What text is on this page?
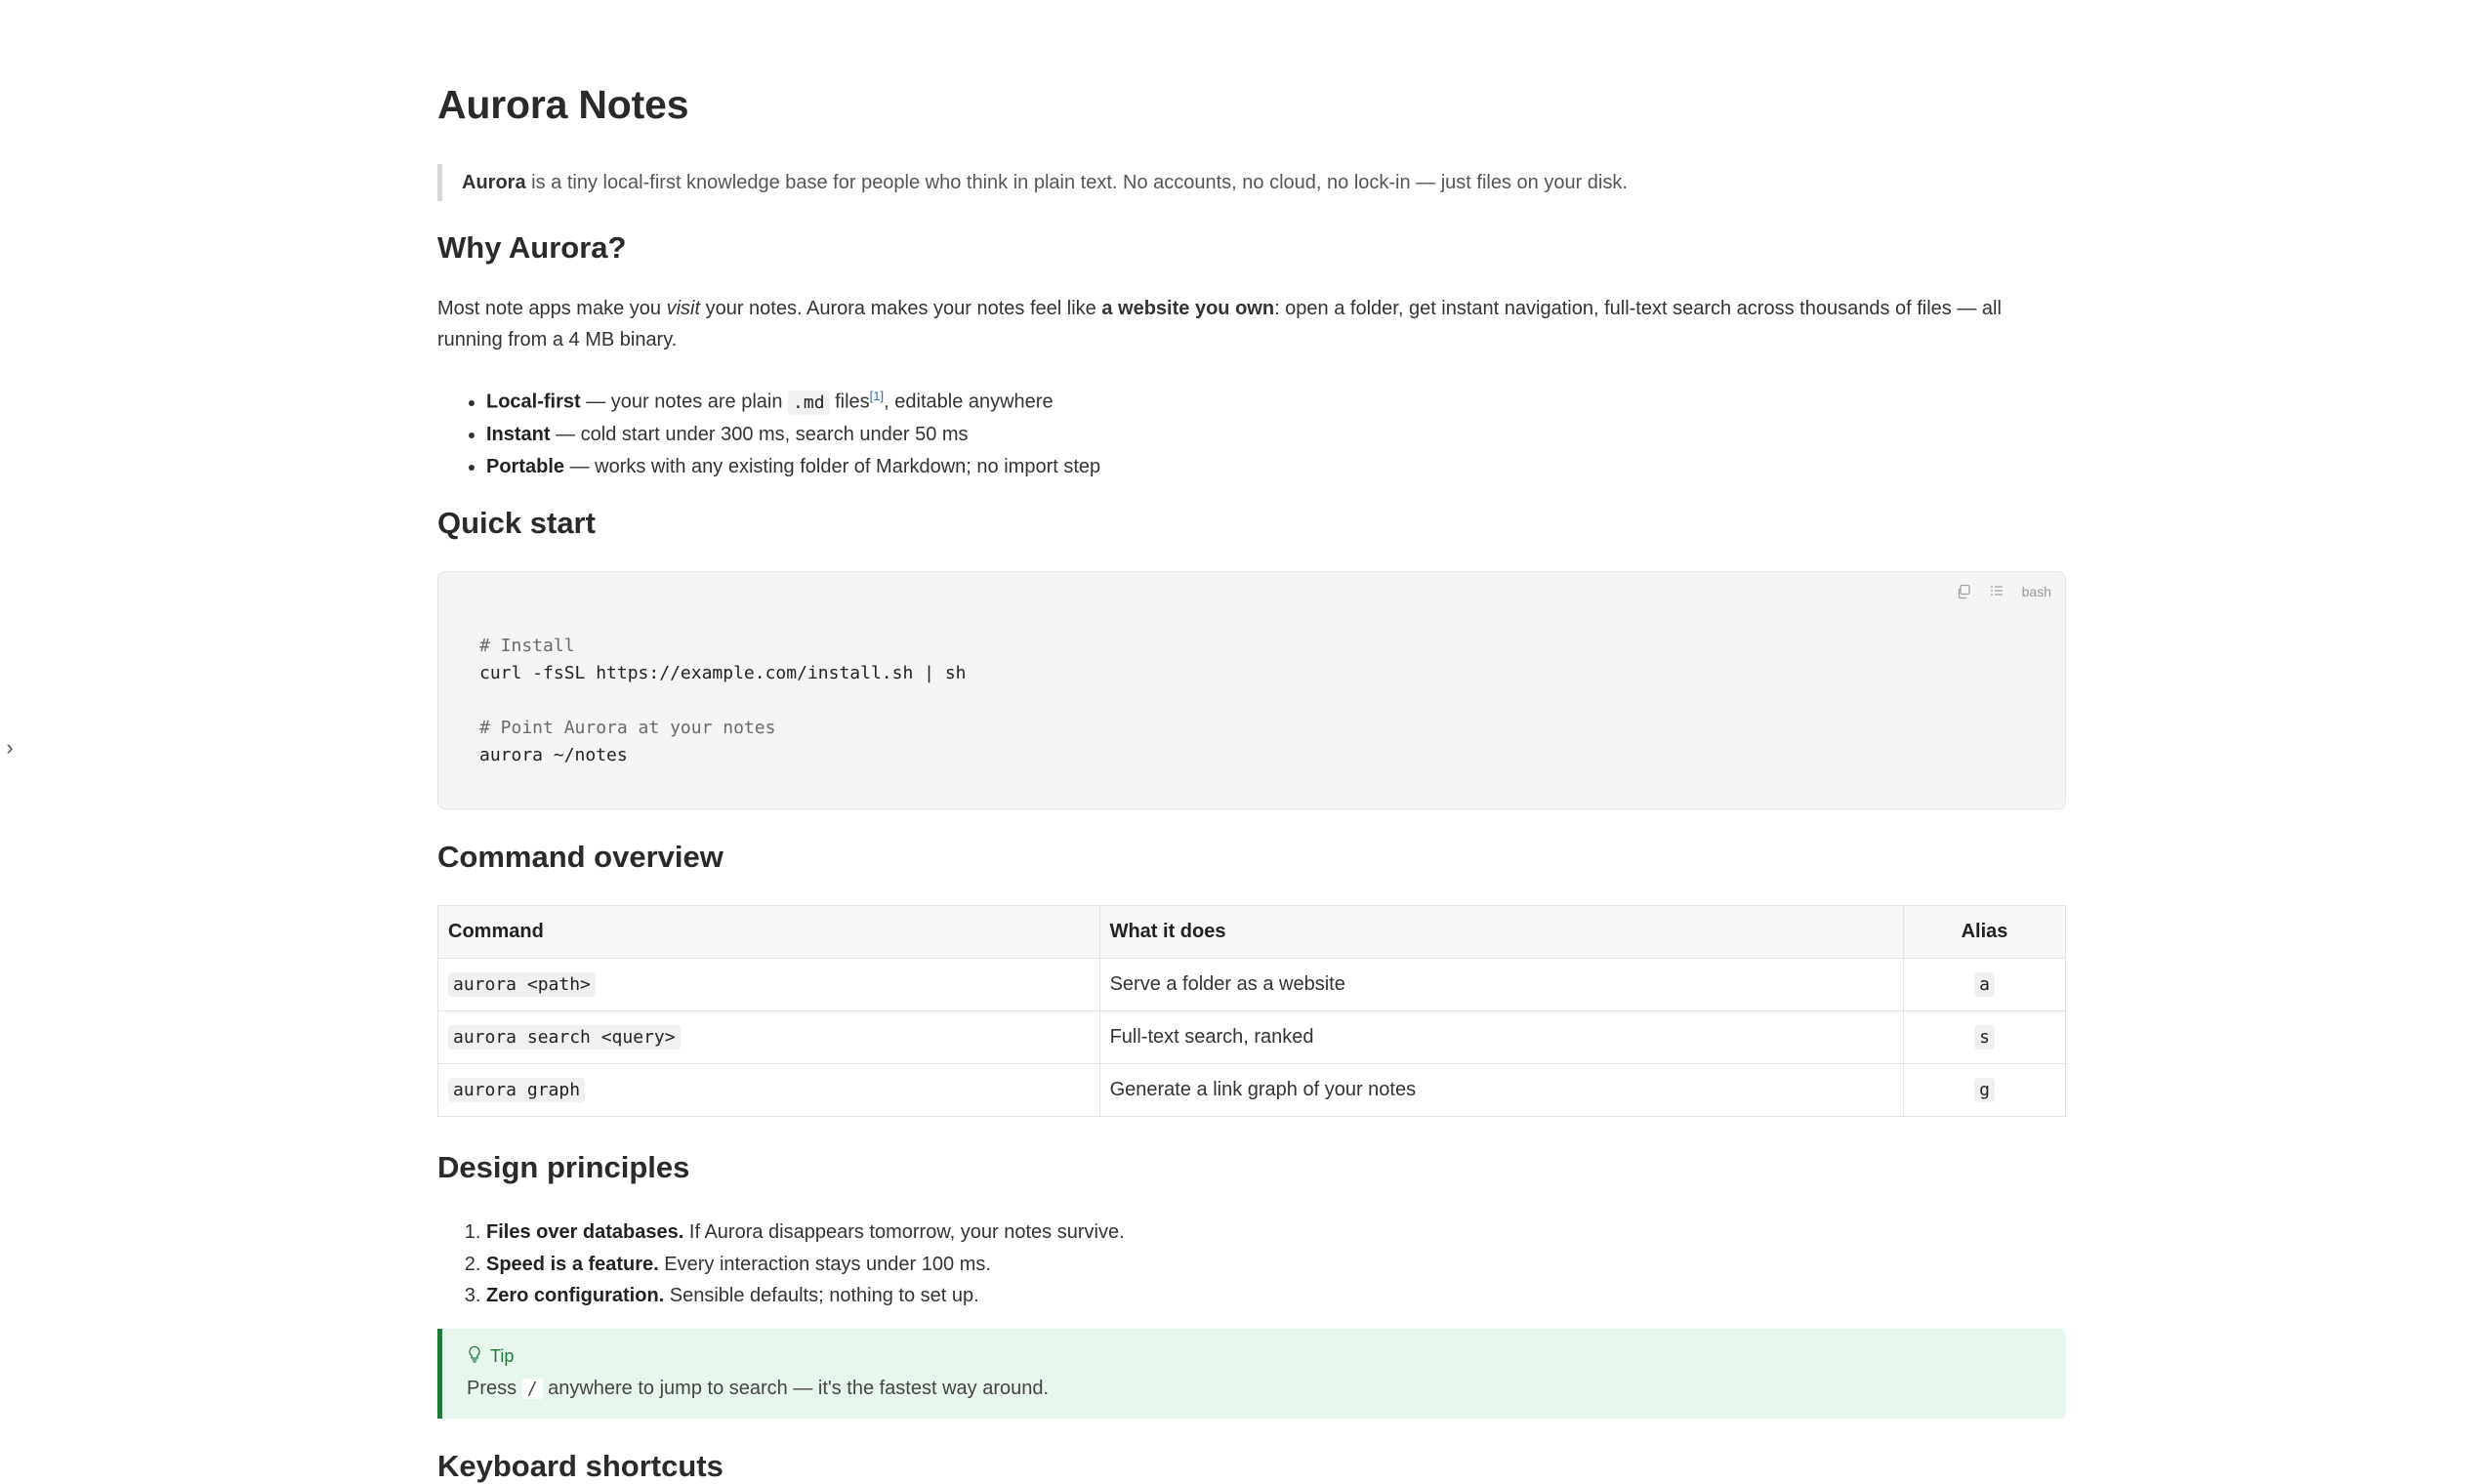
›
Aurora Notes
Aurora is a tiny local-first knowledge base for people who think in plain text. No accounts, no cloud, no lock-in — just files on your disk.
Why Aurora?

Most note apps make you visit your notes. Aurora makes your notes feel like a website you own: open a folder, get instant navigation, full-text search across thousands of files — all running from a 4 MB binary.

• Local-first — your notes are plain .md files[1], editable anywhere
• Instant — cold start under 300 ms, search under 50 ms
• Portable — works with any existing folder of Markdown; no import step
Quick start
bash
# Install
curl -fsSL https://example.com/install.sh | sh
# Point Aurora at your notes
aurora ~/notes
Command overview
Command	What it does	Alias
aurora <path>	Serve a folder as a website	a
aurora search <query>	Full-text search, ranked	s
aurora graph	Generate a link graph of your notes	g
Design principles
1. Files over databases. If Aurora disappears tomorrow, your notes survive.
2. Speed is a feature. Every interaction stays under 100 ms.
3. Zero configuration. Sensible defaults; nothing to set up.
Tip
Press / anywhere to jump to search — it's the fastest way around.
Keyboard shortcuts
